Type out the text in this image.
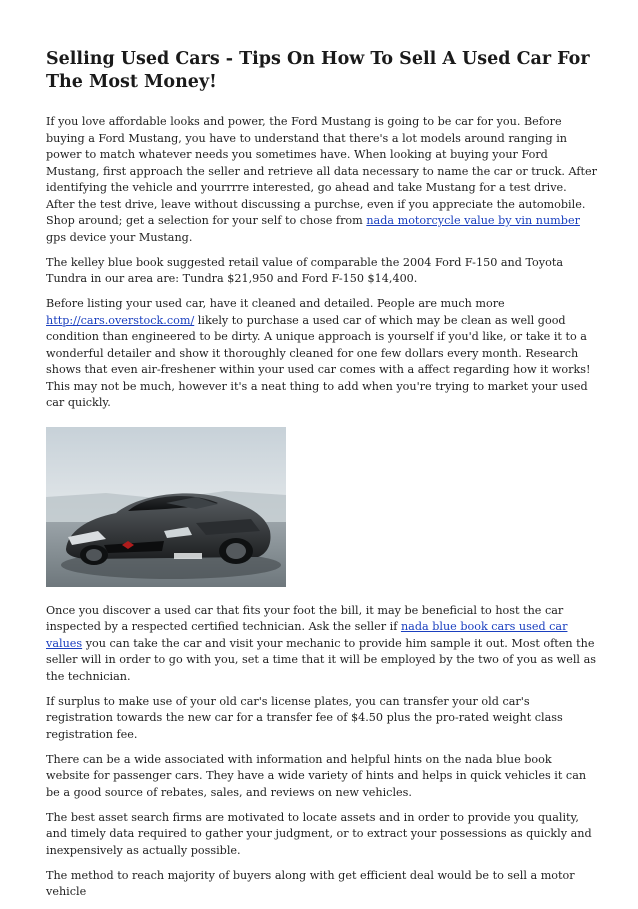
Selling Used Cars - Tips On How To Sell A Used Car For The Most Money!

If you love affordable looks and power, the Ford Mustang is going to be car for you. Before buying a Ford Mustang, you have to understand that there's a lot models around ranging in power to match whatever needs you sometimes have. When looking at buying your Ford Mustang, first approach the seller and retrieve all data necessary to name the car or truck. After identifying the vehicle and yourrrre interested, go ahead and take Mustang for a test drive. After the test drive, leave without discussing a purchse, even if you appreciate the automobile. Shop around; get a selection for your self to chose from nada motorcycle value by vin number gps device your Mustang.

The kelley blue book suggested retail value of comparable the 2004 Ford F-150 and Toyota Tundra in our area are: Tundra $21,950 and Ford F-150 $14,400.

Before listing your used car, have it cleaned and detailed. People are much more http://cars.overstock.com/ likely to purchase a used car of which may be clean as well good condition than engineered to be dirty. A unique approach is yourself if you'd like, or take it to a wonderful detailer and show it thoroughly cleaned for one few dollars every month. Research shows that even air-freshener within your used car comes with a affect regarding how it works! This may not be much, however it's a neat thing to add when you're trying to market your used car quickly.

Once you discover a used car that fits your foot the bill, it may be beneficial to host the car inspected by a respected certified technician. Ask the seller if nada blue book cars used car values you can take the car and visit your mechanic to provide him sample it out. Most often the seller will in order to go with you, set a time that it will be employed by the two of you as well as the technician.

If surplus to make use of your old car's license plates, you can transfer your old car's registration towards the new car for a transfer fee of $4.50 plus the pro-rated weight class registration fee.

There can be a wide associated with information and helpful hints on the nada blue book website for passenger cars. They have a wide variety of hints and helps in quick vehicles it can be a good source of rebates, sales, and reviews on new vehicles.

The best asset search firms are motivated to locate assets and in order to provide you quality, and timely data required to gather your judgment, or to extract your possessions as quickly and inexpensively as actually possible.

The method to reach majority of buyers along with get efficient deal would be to sell a motor vehicle
